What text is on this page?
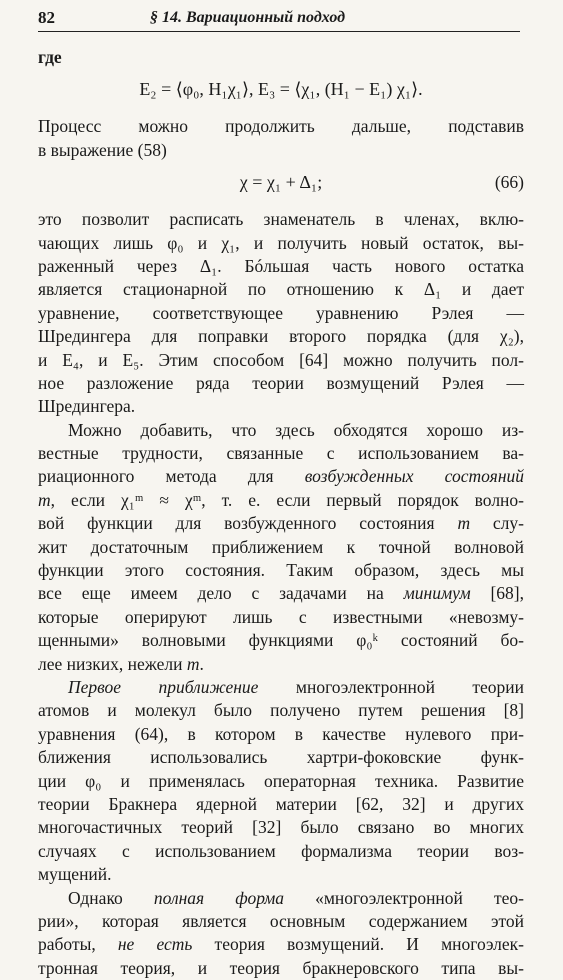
82	§ 14. Вариационный подход
где
E₂ = ⟨φ₀, H₁χ₁⟩, E₃ = ⟨χ₁, (H₁ − E₁) χ₁⟩.
Процесс можно продолжить дальше, подставив
в выражение (58)
χ = χ₁ + Δ₁;	(66)
это позволит расписать знаменатель в членах, вклю-
чающих лишь φ₀ и χ₁, и получить новый остаток, вы-
раженный через Δ₁. Бóльшая часть нового остатка
является стационарной по отношению к Δ₁ и дает
уравнение, соответствующее уравнению Рэлея —
Шредингера для поправки второго порядка (для χ₂),
и E₄, и E₅. Этим способом [64] можно получить пол-
ное разложение ряда теории возмущений Рэлея —
Шредингера.
Можно добавить, что здесь обходятся хорошо из-
вестные трудности, связанные с использованием ва-
риационного метода для возбужденных состояний
m, если χ₁ᵐ ≈ χᵐ, т. е. если первый порядок волно-
вой функции для возбужденного состояния m слу-
жит достаточным приближением к точной волновой
функции этого состояния. Таким образом, здесь мы
все еще имеем дело с задачами на минимум [68],
которые оперируют лишь с известными «невозму-
щенными» волновыми функциями φ₀ᵏ состояний бо-
лее низких, нежели m.
Первое приближение многоэлектронной теории
атомов и молекул было получено путем решения [8]
уравнения (64), в котором в качестве нулевого при-
ближения использовались хартри-фоковские функ-
ции φ₀ и применялась операторная техника. Развитие
теории Бракнера ядерной материи [62, 32] и других
многочастичных теорий [32] было связано во многих
случаях с использованием формализма теории воз-
мущений.
Однако полная форма «многоэлектронной тео-
рии», которая является основным содержанием этой
работы, не есть теория возмущений. И многоэлек-
тронная теория, и теория бракнеровского типа вы-
